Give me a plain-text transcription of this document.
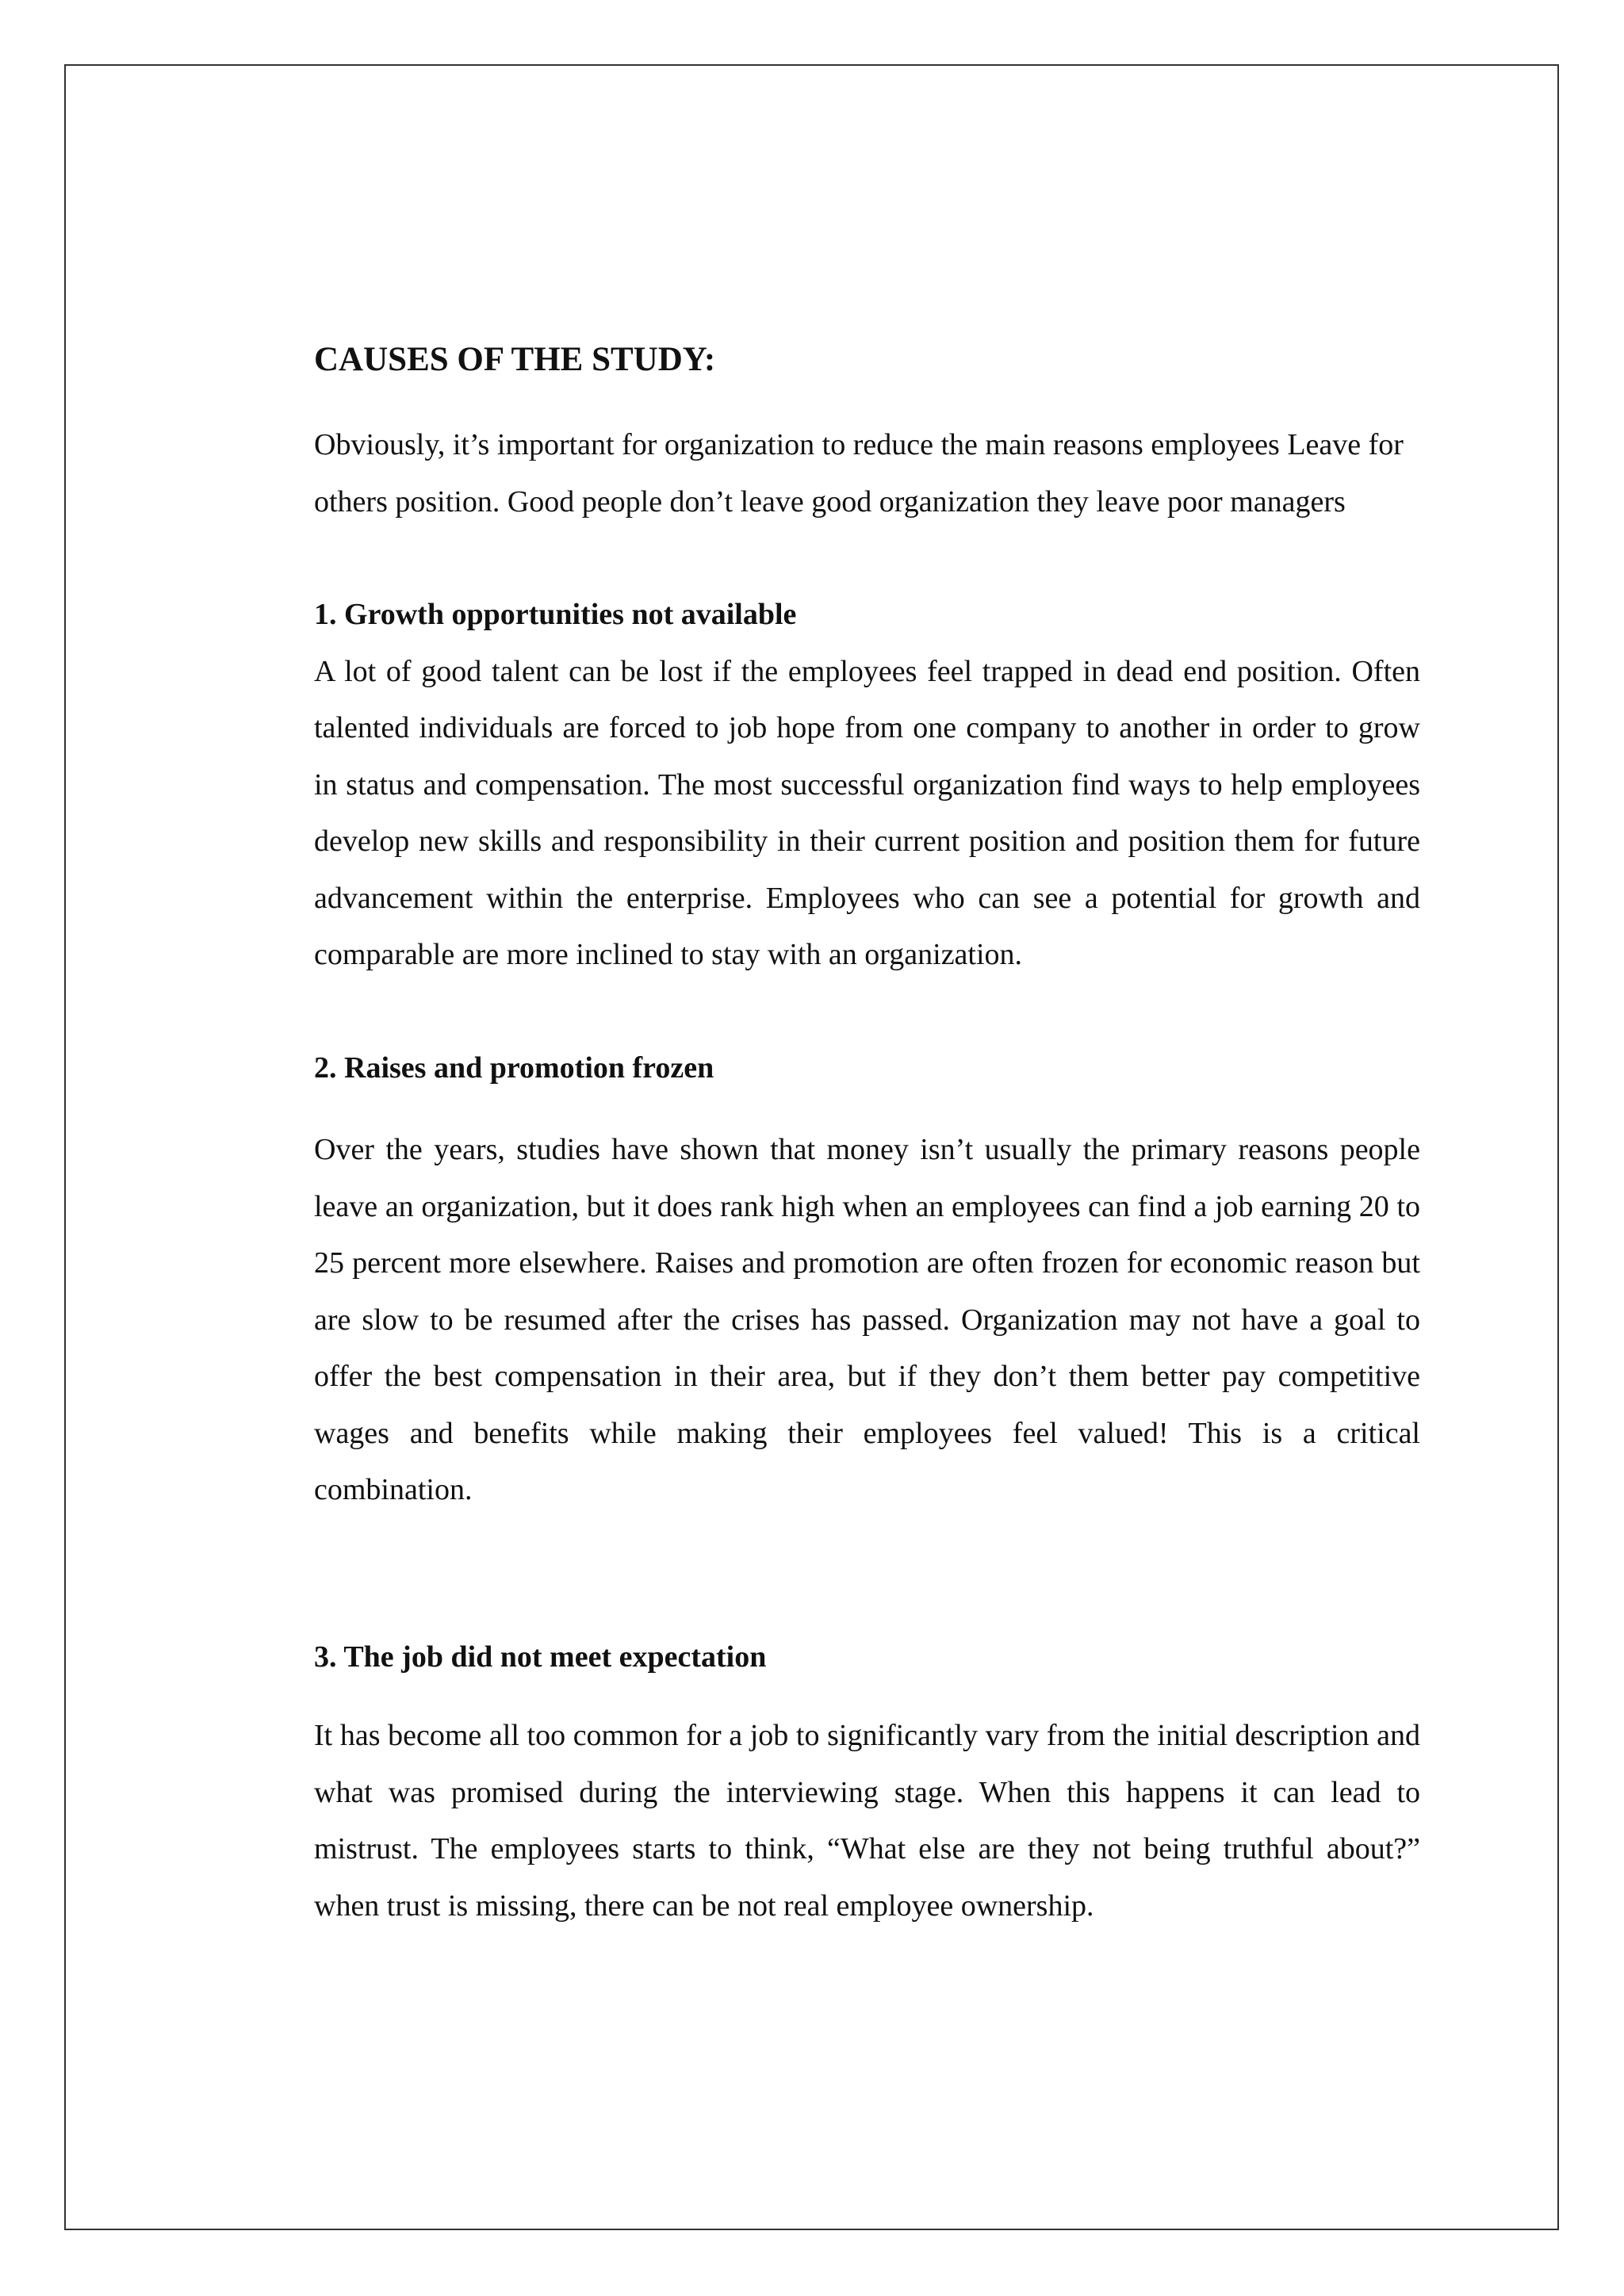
CAUSES OF THE STUDY:

Obviously, it’s important for organization to reduce the main reasons employees Leave for others position. Good people don’t leave good organization they leave poor managers

1. Growth opportunities not available

A lot of good talent can be lost if the employees feel trapped in dead end position. Often talented individuals are forced to job hope from one company to another in order to grow in status and compensation. The most successful organization find ways to help employees develop new skills and responsibility in their current position and position them for future advancement within the enterprise. Employees who can see a potential for growth and comparable are more inclined to stay with an organization.

2. Raises and promotion frozen

Over the years, studies have shown that money isn’t usually the primary reasons people leave an organization, but it does rank high when an employees can find a job earning 20 to 25 percent more elsewhere. Raises and promotion are often frozen for economic reason but are slow to be resumed after the crises has passed. Organization may not have a goal to offer the best compensation in their area, but if they don’t them better pay competitive wages and benefits while making their employees feel valued! This is a critical combination.

3. The job did not meet expectation

It has become all too common for a job to significantly vary from the initial description and what was promised during the interviewing stage. When this happens it can lead to mistrust. The employees starts to think, “What else are they not being truthful about?” when trust is missing, there can be not real employee ownership.
